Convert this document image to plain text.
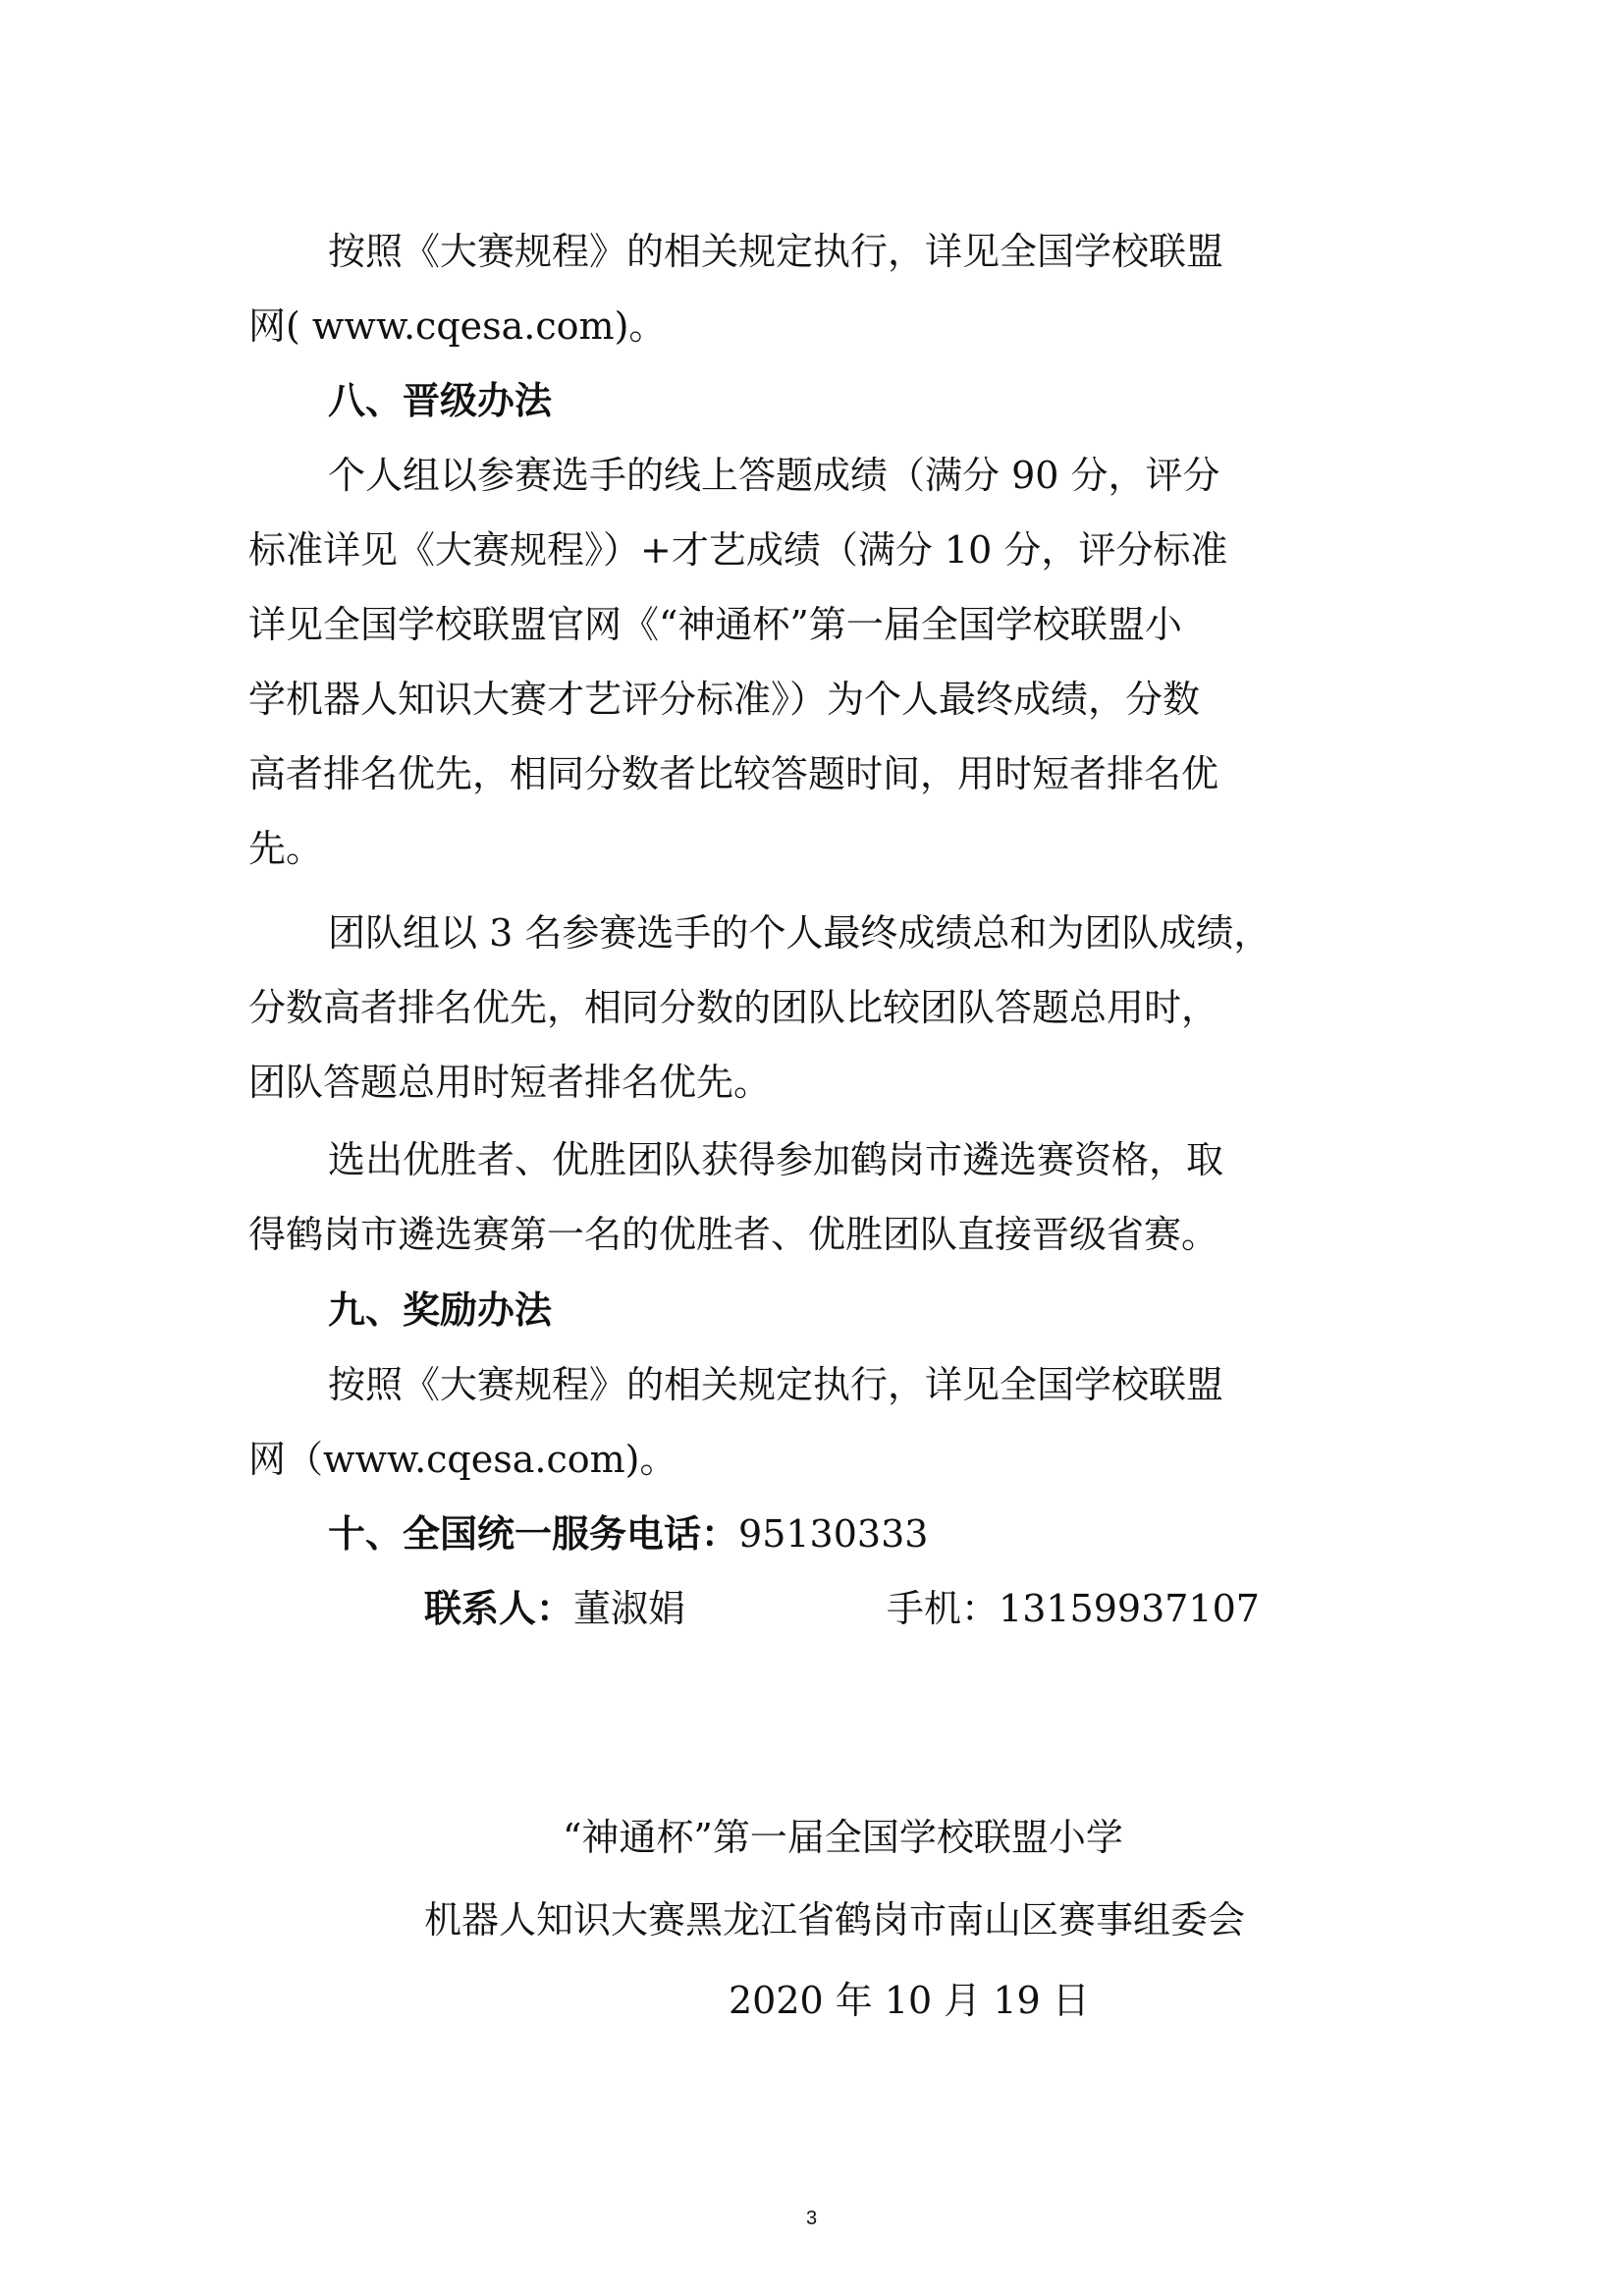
按照《大赛规程》的相关规定执行，详见全国学校联盟
网( www.cqesa.com)。
八、晋级办法
个人组以参赛选手的线上答题成绩（满分 90 分，评分
标准详见《大赛规程》）+才艺成绩（满分 10 分，评分标准
详见全国学校联盟官网《“神通杯”第一届全国学校联盟小
学机器人知识大赛才艺评分标准》）为个人最终成绩，分数
高者排名优先，相同分数者比较答题时间，用时短者排名优
先。
团队组以 3 名参赛选手的个人最终成绩总和为团队成绩，
分数高者排名优先，相同分数的团队比较团队答题总用时，
团队答题总用时短者排名优先。
选出优胜者、优胜团队获得参加鹤岗市遴选赛资格，取
得鹤岗市遴选赛第一名的优胜者、优胜团队直接晋级省赛。
九、奖励办法
按照《大赛规程》的相关规定执行，详见全国学校联盟
网（www.cqesa.com)。
十、全国统一服务电话：95130333
联系人：董淑娟	手机：13159937107
“神通杯”第一届全国学校联盟小学
机器人知识大赛黑龙江省鹤岗市南山区赛事组委会
2020 年 10 月 19 日
3
